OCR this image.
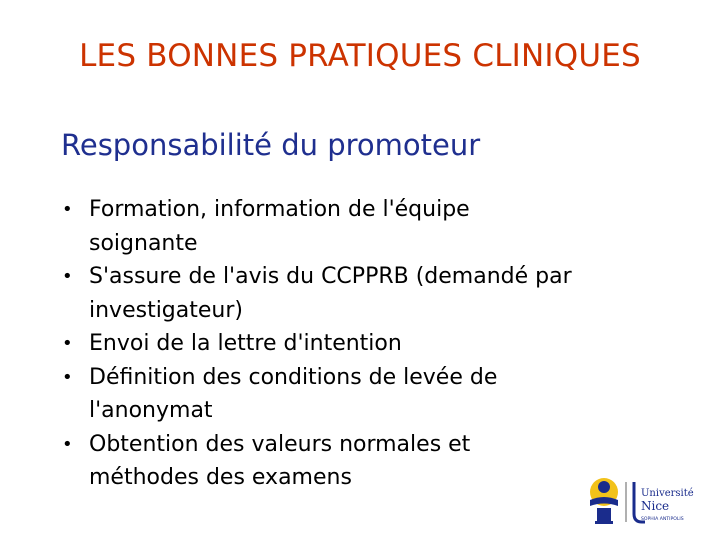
LES BONNES PRATIQUES CLINIQUES
Responsabilité du promoteur
• Formation, information de l'équipe
soignante
• S'assure de l'avis du CCPPRB (demandé par
investigateur)
• Envoi de la lettre d'intention
• Définition des conditions de levée de
l'anonymat
• Obtention des valeurs normales et
méthodes des examens
Université
Nice
SOPHIA ANTIPOLIS
